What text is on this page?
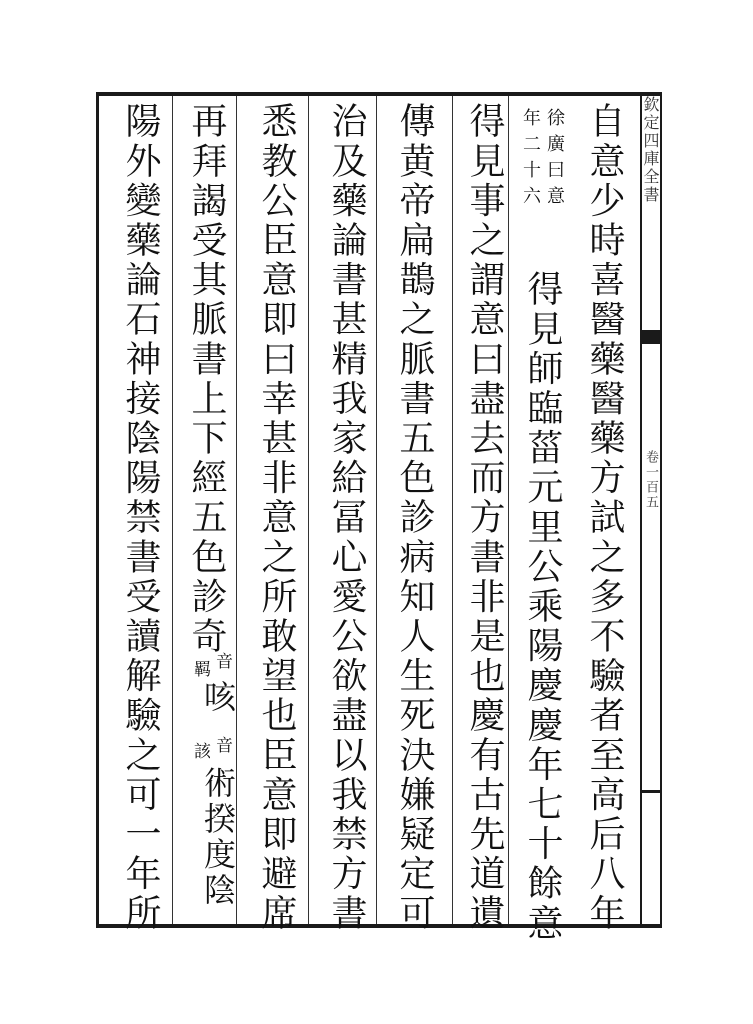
欽定四庫全書
卷一百五
自意少時喜醫藥醫藥方試之多不驗者至高后八年
徐廣曰意
年二十六
得見師臨菑元里公乘陽慶慶年七十餘意
得見事之謂意曰盡去而方書非是也慶有古先道遺
傳黄帝扁鵲之脈書五色診病知人生死決嫌疑定可
治及藥論書甚精我家給冨心愛公欲盡以我禁方書
悉教公臣意即曰幸甚非意之所敢望也臣意即避席
再拜謁受其脈書上下經五色診奇
音
羁
咳
音
該
術揆度陰
陽外變藥論石神接陰陽禁書受讀解驗之可一年所
